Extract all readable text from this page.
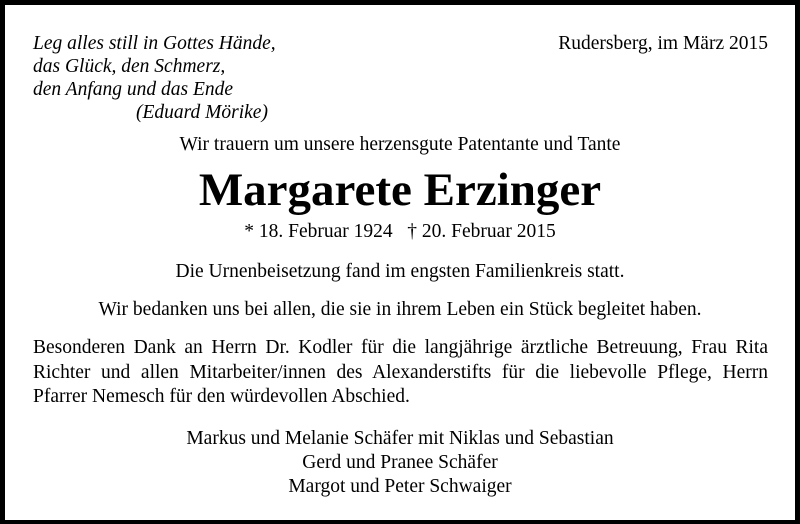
Leg alles still in Gottes Hände,
das Glück, den Schmerz,
den Anfang und das Ende
(Eduard Mörike)
Rudersberg, im März 2015
Wir trauern um unsere herzensgute Patentante und Tante
Margarete Erzinger
* 18. Februar 1924   † 20. Februar 2015
Die Urnenbeisetzung fand im engsten Familienkreis statt.
Wir bedanken uns bei allen, die sie in ihrem Leben ein Stück begleitet haben.
Besonderen Dank an Herrn Dr. Kodler für die langjährige ärztliche Betreuung, Frau Rita Richter und allen Mitarbeiter/innen des Alexanderstifts für die liebevolle Pflege, Herrn Pfarrer Nemesch für den würdevollen Abschied.
Markus und Melanie Schäfer mit Niklas und Sebastian
Gerd und Pranee Schäfer
Margot und Peter Schwaiger
